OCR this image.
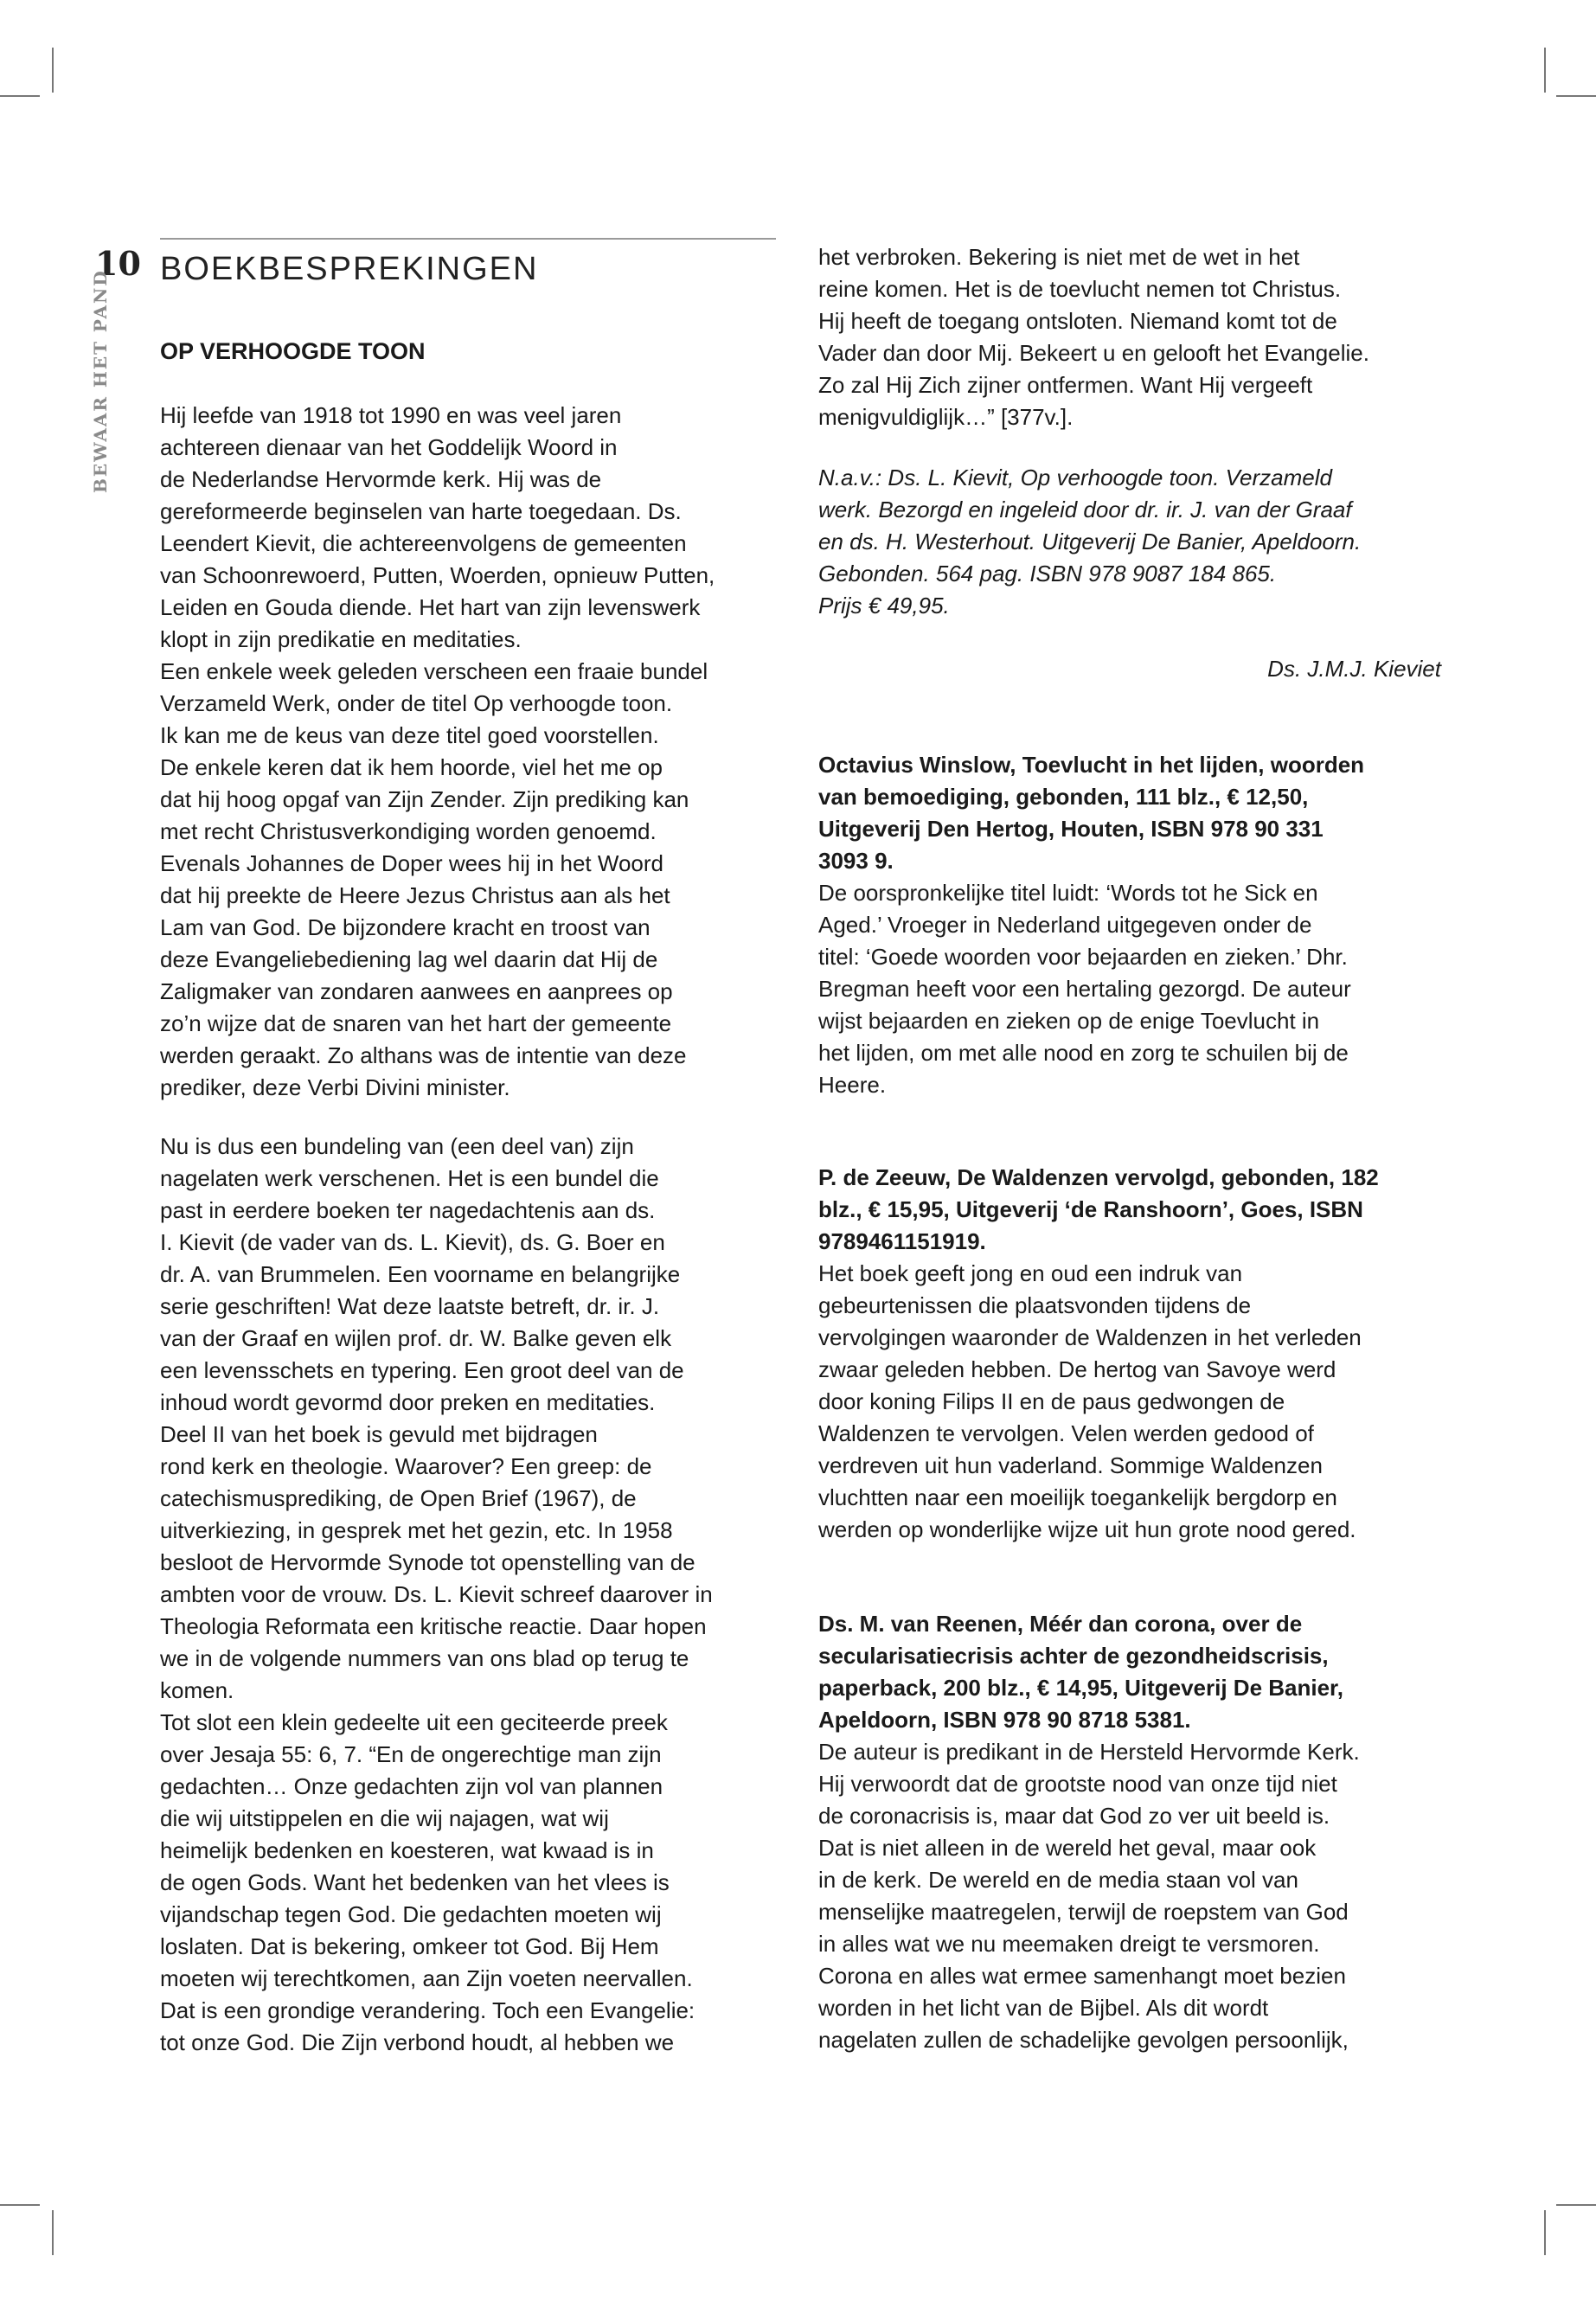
10
BEWAAR HET PAND
BOEKBESPREKINGEN
OP VERHOOGDE TOON
Hij leefde van 1918 tot 1990 en was veel jaren
achtereen dienaar van het Goddelijk Woord in
de Nederlandse Hervormde kerk. Hij was de
gereformeerde beginselen van harte toegedaan. Ds.
Leendert Kievit, die achtereenvolgens de gemeenten
van Schoonrewoerd, Putten, Woerden, opnieuw Putten,
Leiden en Gouda diende. Het hart van zijn levenswerk
klopt in zijn predikatie en meditaties.
Een enkele week geleden verscheen een fraaie bundel
Verzameld Werk, onder de titel Op verhoogde toon.
Ik kan me de keus van deze titel goed voorstellen.
De enkele keren dat ik hem hoorde, viel het me op
dat hij hoog opgaf van Zijn Zender. Zijn prediking kan
met recht Christusverkondiging worden genoemd.
Evenals Johannes de Doper wees hij in het Woord
dat hij preekte de Heere Jezus Christus aan als het
Lam van God. De bijzondere kracht en troost van
deze Evangeliebediening lag wel daarin dat Hij de
Zaligmaker van zondaren aanwees en aanprees op
zo’n wijze dat de snaren van het hart der gemeente
werden geraakt. Zo althans was de intentie van deze
prediker, deze Verbi Divini minister.
Nu is dus een bundeling van (een deel van) zijn
nagelaten werk verschenen. Het is een bundel die
past in eerdere boeken ter nagedachtenis aan ds.
I. Kievit (de vader van ds. L. Kievit), ds. G. Boer en
dr. A. van Brummelen. Een voorname en belangrijke
serie geschriften! Wat deze laatste betreft, dr. ir. J.
van der Graaf en wijlen prof. dr. W. Balke geven elk
een levensschets en typering. Een groot deel van de
inhoud wordt gevormd door preken en meditaties.
Deel II van het boek is gevuld met bijdragen
rond kerk en theologie. Waarover? Een greep: de
catechismusprediking, de Open Brief (1967), de
uitverkiezing, in gesprek met het gezin, etc. In 1958
besloot de Hervormde Synode tot openstelling van de
ambten voor de vrouw. Ds. L. Kievit schreef daarover in
Theologia Reformata een kritische reactie. Daar hopen
we in de volgende nummers van ons blad op terug te
komen.
Tot slot een klein gedeelte uit een geciteerde preek
over Jesaja 55: 6, 7. “En de ongerechtige man zijn
gedachten… Onze gedachten zijn vol van plannen
die wij uitstippelen en die wij najagen, wat wij
heimelijk bedenken en koesteren, wat kwaad is in
de ogen Gods. Want het bedenken van het vlees is
vijandschap tegen God. Die gedachten moeten wij
loslaten. Dat is bekering, omkeer tot God. Bij Hem
moeten wij terechtkomen, aan Zijn voeten neervallen.
Dat is een grondige verandering. Toch een Evangelie:
tot onze God. Die Zijn verbond houdt, al hebben we
het verbroken. Bekering is niet met de wet in het
reine komen. Het is de toevlucht nemen tot Christus.
Hij heeft de toegang ontsloten. Niemand komt tot de
Vader dan door Mij. Bekeert u en gelooft het Evangelie.
Zo zal Hij Zich zijner ontfermen. Want Hij vergeeft
menigvuldiglijk…” [377v.].
N.a.v.: Ds. L. Kievit, Op verhoogde toon. Verzameld
werk. Bezorgd en ingeleid door dr. ir. J. van der Graaf
en ds. H. Westerhout. Uitgeverij De Banier, Apeldoorn.
Gebonden. 564 pag. ISBN 978 9087 184 865.
Prijs € 49,95.
Ds. J.M.J. Kieviet
Octavius Winslow, Toevlucht in het lijden, woorden
van bemoediging, gebonden, 111 blz., € 12,50,
Uitgeverij Den Hertog, Houten, ISBN 978 90 331
3093 9.
De oorspronkelijke titel luidt: ‘Words tot he Sick en
Aged.’ Vroeger in Nederland uitgegeven onder de
titel: ‘Goede woorden voor bejaarden en zieken.’ Dhr.
Bregman heeft voor een hertaling gezorgd. De auteur
wijst bejaarden en zieken op de enige Toevlucht in
het lijden, om met alle nood en zorg te schuilen bij de
Heere.
P. de Zeeuw, De Waldenzen vervolgd, gebonden, 182
blz., € 15,95, Uitgeverij ‘de Ranshoorn’, Goes, ISBN
9789461151919.
Het boek geeft jong en oud een indruk van
gebeurtenissen die plaatsvonden tijdens de
vervolgingen waaronder de Waldenzen in het verleden
zwaar geleden hebben. De hertog van Savoye werd
door koning Filips II en de paus gedwongen de
Waldenzen te vervolgen. Velen werden gedood of
verdreven uit hun vaderland. Sommige Waldenzen
vluchtten naar een moeilijk toegankelijk bergdorp en
werden op wonderlijke wijze uit hun grote nood gered.
Ds. M. van Reenen, Méér dan corona, over de
secularisatiecrisis achter de gezondheidscrisis,
paperback, 200 blz., € 14,95, Uitgeverij De Banier,
Apeldoorn, ISBN 978 90 8718 5381.
De auteur is predikant in de Hersteld Hervormde Kerk.
Hij verwoordt dat de grootste nood van onze tijd niet
de coronacrisis is, maar dat God zo ver uit beeld is.
Dat is niet alleen in de wereld het geval, maar ook
in de kerk. De wereld en de media staan vol van
menselijke maatregelen, terwijl de roepstem van God
in alles wat we nu meemaken dreigt te versmoren.
Corona en alles wat ermee samenhangt moet bezien
worden in het licht van de Bijbel. Als dit wordt
nagelaten zullen de schadelijke gevolgen persoonlijk,
